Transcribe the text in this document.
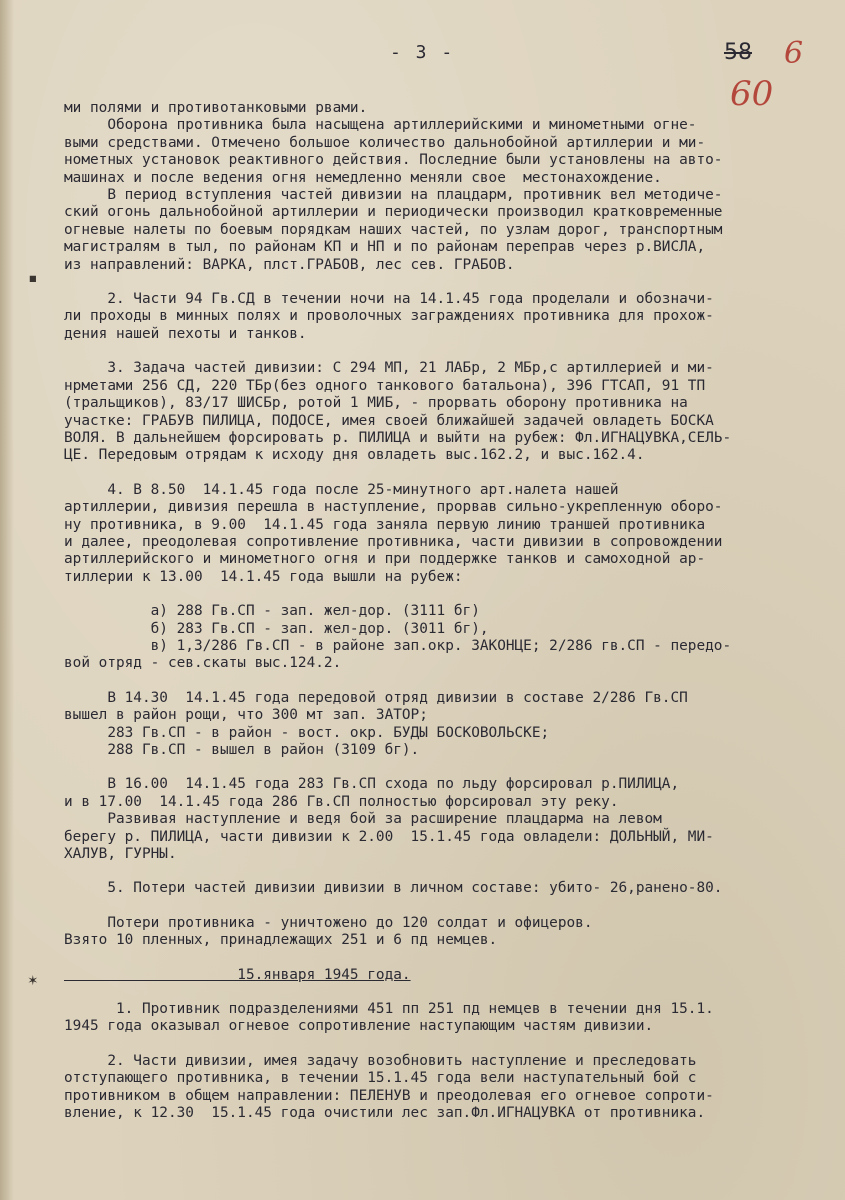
- 3 -	58 6
60
▪
✶
ми полями и противотанковыми рвами.
Оборона противника была насыщена артиллерийскими и минометными огне-
выми средствами. Отмечено большое количество дальнобойной артиллерии и ми-
нометных установок реактивного действия. Последние были установлены на авто-
машинах и после ведения огня немедленно меняли свое  местонахождение.
В период вступления частей дивизии на плацдарм, противник вел методиче-
ский огонь дальнобойной артиллерии и периодически производил кратковременные
огневые налеты по боевым порядкам наших частей, по узлам дорог, транспортным
магистралям в тыл, по районам КП и НП и по районам переправ через р.ВИСЛА,
из направлений: ВАРКА, плст.ГРАБОВ, лес сев. ГРАБОВ.
2. Части 94 Гв.СД в течении ночи на 14.1.45 года проделали и обозначи-
ли проходы в минных полях и проволочных заграждениях противника для прохож-
дения нашей пехоты и танков.
3. Задача частей дивизии: С 294 МП, 21 ЛАБр, 2 МБр,с артиллерией и ми-
нрметами 256 СД, 220 ТБр(без одного танкового батальона), 396 ГТСАП, 91 ТП
(тральщиков), 83/17 ШИСБр, ротой 1 МИБ, - прорвать оборону противника на
участке: ГРАБУВ ПИЛИЦА, ПОДОСЕ, имея своей ближайшей задачей овладеть БОСКА
ВОЛЯ. В дальнейшем форсировать р. ПИЛИЦА и выйти на рубеж: Фл.ИГНАЦУВКА,СЕЛЬ-
ЦЕ. Передовым отрядам к исходу дня овладеть выс.162.2, и выс.162.4.
4. В 8.50  14.1.45 года после 25-минутного арт.налета нашей
артиллерии, дивизия перешла в наступление, прорвав сильно-укрепленную оборо-
ну противника, в 9.00  14.1.45 года заняла первую линию траншей противника
и далее, преодолевая сопротивление противника, части дивизии в сопровождении
артиллерийского и минометного огня и при поддержке танков и самоходной ар-
тиллерии к 13.00  14.1.45 года вышли на рубеж:
а) 288 Гв.СП - зап. жел-дор. (3111 бг)
б) 283 Гв.СП - зап. жел-дор. (3011 бг),
в) 1,3/286 Гв.СП - в районе зап.окр. ЗАКОНЦЕ; 2/286 гв.СП - передо-
вой отряд - сев.скаты выс.124.2.
В 14.30  14.1.45 года передовой отряд дивизии в составе 2/286 Гв.СП
вышел в район рощи, что 300 мт зап. ЗАТОР;
283 Гв.СП - в район - вост. окр. БУДЫ БОСКОВОЛЬСКЕ;
288 Гв.СП - вышел в район (3109 бг).
В 16.00  14.1.45 года 283 Гв.СП схода по льду форсировал р.ПИЛИЦА,
и в 17.00  14.1.45 года 286 Гв.СП полностью форсировал эту реку.
Развивая наступление и ведя бой за расширение плацдарма на левом
берегу р. ПИЛИЦА, части дивизии к 2.00  15.1.45 года овладели: ДОЛЬНЫЙ, МИ-
ХАЛУВ, ГУРНЫ.
5. Потери частей дивизии дивизии в личном составе: убито- 26,ранено-80.
Потери противника - уничтожено до 120 солдат и офицеров.
Взято 10 пленных, принадлежащих 251 и 6 пд немцев.
15.января 1945 года.
1. Противник подразделениями 451 пп 251 пд немцев в течении дня 15.1.
1945 года оказывал огневое сопротивление наступающим частям дивизии.
2. Части дивизии, имея задачу возобновить наступление и преследовать
отступающего противника, в течении 15.1.45 года вели наступательный бой с
противником в общем направлении: ПЕЛЕНУВ и преодолевая его огневое сопроти-
вление, к 12.30  15.1.45 года очистили лес зап.Фл.ИГНАЦУВКА от противника.
